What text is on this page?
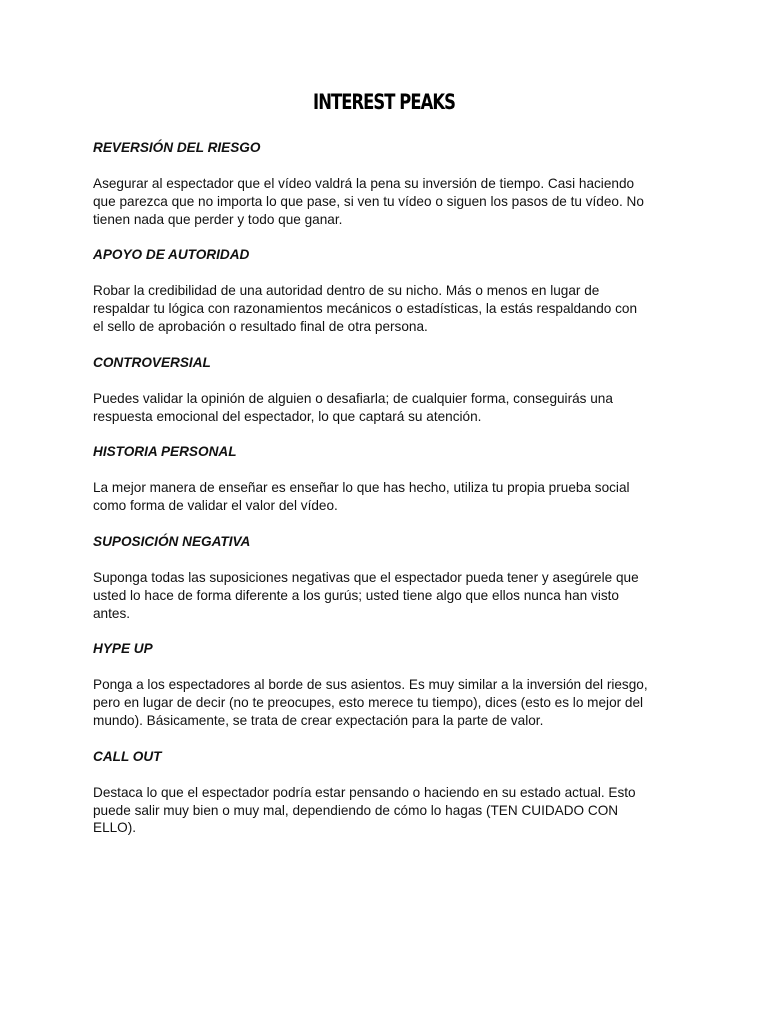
INTEREST PEAKS

REVERSIÓN DEL RIESGO

Asegurar al espectador que el vídeo valdrá la pena su inversión de tiempo. Casi haciendo
que parezca que no importa lo que pase, si ven tu vídeo o siguen los pasos de tu vídeo. No
tienen nada que perder y todo que ganar.

APOYO DE AUTORIDAD

Robar la credibilidad de una autoridad dentro de su nicho. Más o menos en lugar de
respaldar tu lógica con razonamientos mecánicos o estadísticas, la estás respaldando con
el sello de aprobación o resultado final de otra persona.

CONTROVERSIAL

Puedes validar la opinión de alguien o desafiarla; de cualquier forma, conseguirás una
respuesta emocional del espectador, lo que captará su atención.

HISTORIA PERSONAL

La mejor manera de enseñar es enseñar lo que has hecho, utiliza tu propia prueba social
como forma de validar el valor del vídeo.

SUPOSICIÓN NEGATIVA

Suponga todas las suposiciones negativas que el espectador pueda tener y asegúrele que
usted lo hace de forma diferente a los gurús; usted tiene algo que ellos nunca han visto
antes.

HYPE UP

Ponga a los espectadores al borde de sus asientos. Es muy similar a la inversión del riesgo,
pero en lugar de decir (no te preocupes, esto merece tu tiempo), dices (esto es lo mejor del
mundo). Básicamente, se trata de crear expectación para la parte de valor.

CALL OUT

Destaca lo que el espectador podría estar pensando o haciendo en su estado actual. Esto
puede salir muy bien o muy mal, dependiendo de cómo lo hagas (TEN CUIDADO CON
ELLO).
